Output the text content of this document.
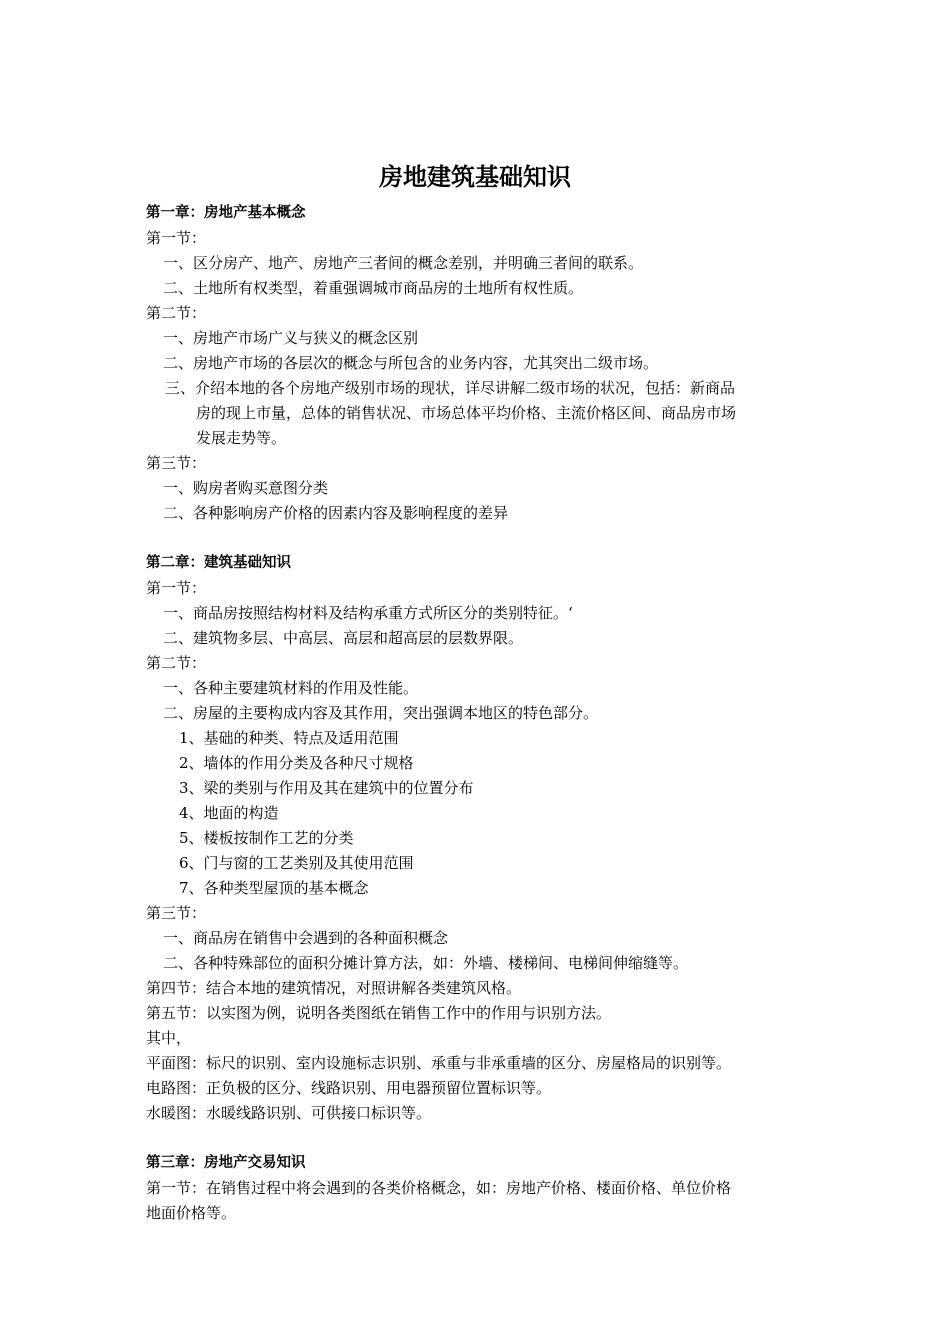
房地建筑基础知识

第一章：房地产基本概念

第一节：

一、区分房产、地产、房地产三者间的概念差别，并明确三者间的联系。

二、土地所有权类型，着重强调城市商品房的土地所有权性质。

第二节：

一、房地产市场广义与狭义的概念区别

二、房地产市场的各层次的概念与所包含的业务内容，尤其突出二级市场。

三、介绍本地的各个房地产级别市场的现状，详尽讲解二级市场的状况，包括：新商品

房的现上市量，总体的销售状况、市场总体平均价格、主流价格区间、商品房市场

发展走势等。

第三节：

一、购房者购买意图分类

二、各种影响房产价格的因素内容及影响程度的差异

第二章：建筑基础知识

第一节：

一、商品房按照结构材料及结构承重方式所区分的类别特征。‘

二、建筑物多层、中高层、高层和超高层的层数界限。

第二节：

一、各种主要建筑材料的作用及性能。

二、房屋的主要构成内容及其作用，突出强调本地区的特色部分。

1、基础的种类、特点及适用范围

2、墙体的作用分类及各种尺寸规格

3、梁的类别与作用及其在建筑中的位置分布

4、地面的构造

5、楼板按制作工艺的分类

6、门与窗的工艺类别及其使用范围

7、各种类型屋顶的基本概念

第三节：

一、商品房在销售中会遇到的各种面积概念

二、各种特殊部位的面积分摊计算方法，如：外墙、楼梯间、电梯间伸缩缝等。

第四节：结合本地的建筑情况，对照讲解各类建筑风格。

第五节：以实图为例，说明各类图纸在销售工作中的作用与识别方法。

其中，

平面图：标尺的识别、室内设施标志识别、承重与非承重墙的区分、房屋格局的识别等。

电路图：正负极的区分、线路识别、用电器预留位置标识等。

水暖图：水暖线路识别、可供接口标识等。

第三章：房地产交易知识

第一节：在销售过程中将会遇到的各类价格概念，如：房地产价格、楼面价格、单位价格

地面价格等。
